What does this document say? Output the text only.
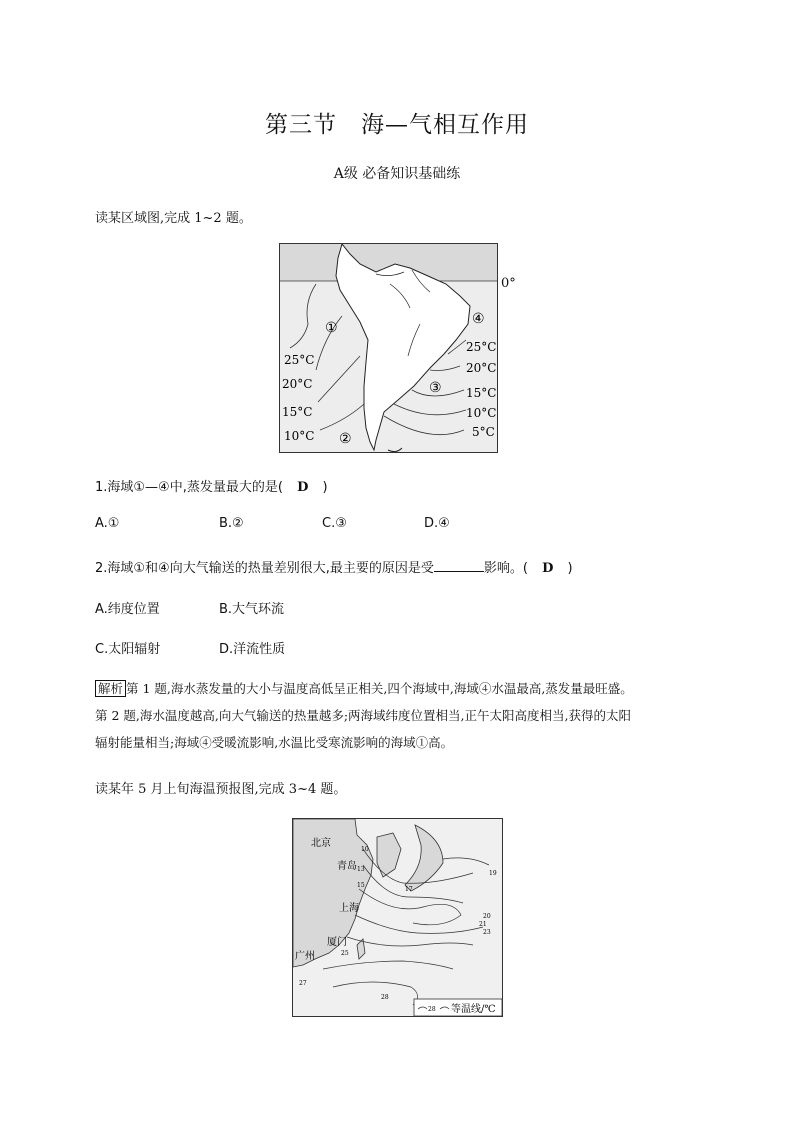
第三节　海—气相互作用
A级 必备知识基础练
读某区域图,完成 1~2 题。
①
②
③
④
25°C
20°C
15°C
10°C
25°C
20°C
15°C
10°C
5°C
0°
1.海域①—④中,蒸发量最大的是( D )
A.①	B.②	C.③	D.④
2.海域①和④向大气输送的热量差别很大,最主要的原因是受	影响。( D )
A.纬度位置	B.大气环流
C.太阳辐射	D.洋流性质
解析 第 1 题,海水蒸发量的大小与温度高低呈正相关,四个海域中,海域④水温最高,蒸发量最旺盛。
第 2 题,海水温度越高,向大气输送的热量越多;两海域纬度位置相当,正午太阳高度相当,获得的太阳
辐射能量相当;海域④受暖流影响,水温比受寒流影响的海域①高。
读某年 5 月上旬海温预报图,完成 3~4 题。
北京
青岛
上海
厦门
广州
10
13
15
17
19
20
21
23
25
27
28
28 等温线/℃
